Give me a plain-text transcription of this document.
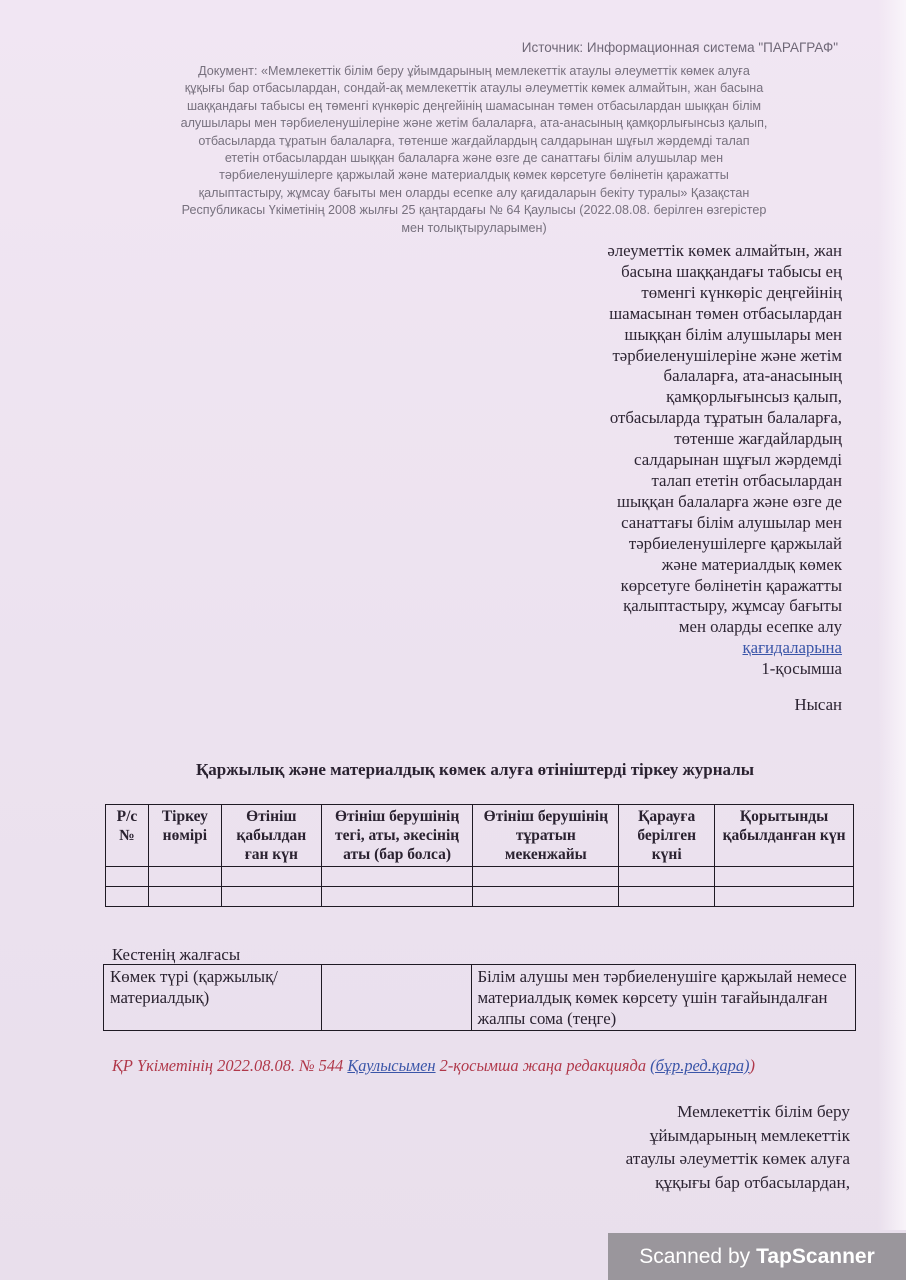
Источник: Информационная система "ПАРАГРАФ"
Документ: «Мемлекеттік білім беру ұйымдарының мемлекеттік атаулы әлеуметтік көмек алуға
құқығы бар отбасылардан, сондай-ақ мемлекеттік атаулы әлеуметтік көмек алмайтын, жан басына
шаққандағы табысы ең төменгі күнкөріс деңгейінің шамасынан төмен отбасылардан шыққан білім
алушылары мен тәрбиеленушілеріне және жетім балаларға, ата-анасының қамқорлығынсыз қалып,
отбасыларда тұратын балаларға, төтенше жағдайлардың салдарынан шұғыл жәрдемді талап
ететін отбасылардан шыққан балаларға және өзге де санаттағы білім алушылар мен
тәрбиеленушілерге қаржылай және материалдық көмек көрсетуге бөлінетін қаражатты
қалыптастыру, жұмсау бағыты мен оларды есепке алу қағидаларын бекіту туралы» Қазақстан
Республикасы Үкіметінің 2008 жылғы 25 қаңтардағы № 64 Қаулысы (2022.08.08. берілген өзгерістер
мен толықтыруларымен)
әлеуметтік көмек алмайтын, жан
басына шаққандағы табысы ең
төменгі күнкөріс деңгейінің
шамасынан төмен отбасылардан
шыққан білім алушылары мен
тәрбиеленушілеріне және жетім
балаларға, ата-анасының
қамқорлығынсыз қалып,
отбасыларда тұратын балаларға,
төтенше жағдайлардың
салдарынан шұғыл жәрдемді
талап ететін отбасылардан
шыққан балаларға және өзге де
санаттағы білім алушылар мен
тәрбиеленушілерге қаржылай
және материалдық көмек
көрсетуге бөлінетін қаражатты
қалыптастыру, жұмсау бағыты
мен оларды есепке алу
қағидаларына
1-қосымша
Нысан
Қаржылық және материалдық көмек алуға өтініштерді тіркеу журналы
Р/с №	Тіркеу нөмірі	Өтініш қабылдан ған күн	Өтініш берушінің тегі, аты, әкесінің аты (бар болса)	Өтініш берушінің тұратын мекенжайы	Қарауға берілген күні	Қорытынды қабылданған күн

Кестенің жалғасы
Көмек түрі (қаржылық/материалдық)		Білім алушы мен тәрбиеленушіге қаржылай немесе материалдық көмек көрсету үшін тағайындалған жалпы сома (теңге)
ҚР Үкіметінің 2022.08.08. № 544 Қаулысымен 2-қосымша жаңа редакцияда (бұр.ред.қара))
Мемлекеттік білім беру
ұйымдарының мемлекеттік
атаулы әлеуметтік көмек алуға
құқығы бар отбасылардан,
Scanned by TapScanner
